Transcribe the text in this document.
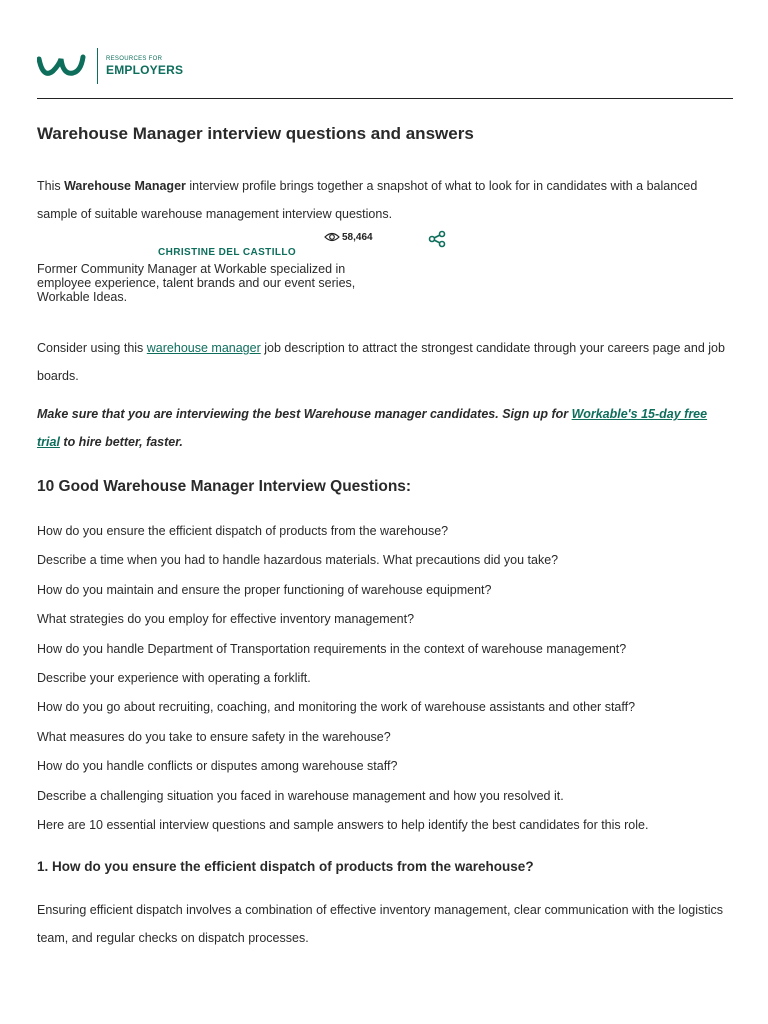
RESOURCES FOR
EMPLOYERS
Warehouse Manager interview questions and answers

This Warehouse Manager interview profile brings together a snapshot of what to look for in candidates with a balanced sample of suitable warehouse management interview questions.

CHRISTINE DEL CASTILLO
58,464
Former Community Manager at Workable specialized in employee experience, talent brands and our event series, Workable Ideas.

Consider using this warehouse manager job description to attract the strongest candidate through your careers page and job boards.

Make sure that you are interviewing the best Warehouse manager candidates. Sign up for Workable's 15-day free trial to hire better, faster.

10 Good Warehouse Manager Interview Questions:
How do you ensure the efficient dispatch of products from the warehouse?
Describe a time when you had to handle hazardous materials. What precautions did you take?
How do you maintain and ensure the proper functioning of warehouse equipment?
What strategies do you employ for effective inventory management?
How do you handle Department of Transportation requirements in the context of warehouse management?
Describe your experience with operating a forklift.
How do you go about recruiting, coaching, and monitoring the work of warehouse assistants and other staff?
What measures do you take to ensure safety in the warehouse?
How do you handle conflicts or disputes among warehouse staff?
Describe a challenging situation you faced in warehouse management and how you resolved it.
Here are 10 essential interview questions and sample answers to help identify the best candidates for this role.
1. How do you ensure the efficient dispatch of products from the warehouse?

Ensuring efficient dispatch involves a combination of effective inventory management, clear communication with the logistics team, and regular checks on dispatch processes.
